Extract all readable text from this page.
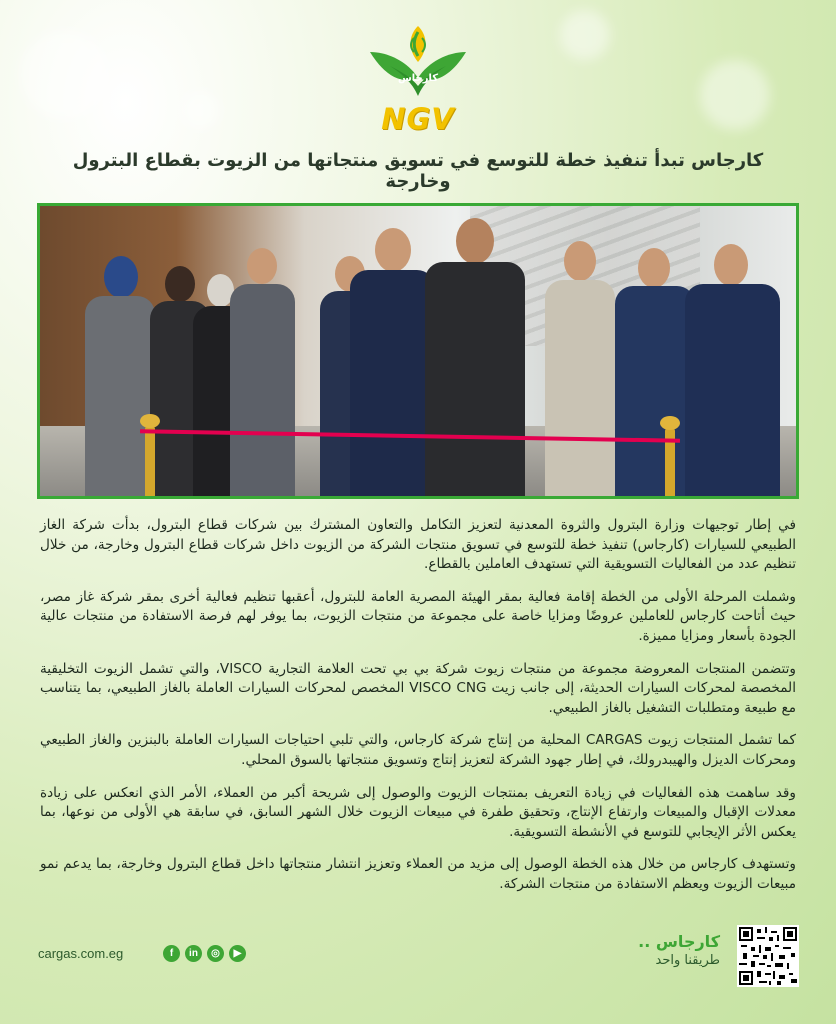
كارجاس
NGV
كارجاس تبدأ تنفيذ خطة للتوسع في تسويق منتجاتها من الزيوت بقطاع البترول وخارجة

في إطار توجيهات وزارة البترول والثروة المعدنية لتعزيز التكامل والتعاون المشترك بين شركات قطاع البترول، بدأت شركة الغاز الطبيعي للسيارات (كارجاس) تنفيذ خطة للتوسع في تسويق منتجات الشركة من الزيوت داخل شركات قطاع البترول وخارجة، من خلال تنظيم عدد من الفعاليات التسويقية التي تستهدف العاملين بالقطاع.

وشملت المرحلة الأولى من الخطة إقامة فعالية بمقر الهيئة المصرية العامة للبترول، أعقبها تنظيم فعالية أخرى بمقر شركة غاز مصر، حيث أتاحت كارجاس للعاملين عروضًا ومزايا خاصة على مجموعة من منتجات الزيوت، بما يوفر لهم فرصة الاستفادة من منتجات عالية الجودة بأسعار ومزايا مميزة.

وتتضمن المنتجات المعروضة مجموعة من منتجات زيوت شركة بي بي تحت العلامة التجارية VISCO، والتي تشمل الزيوت التخليقية المخصصة لمحركات السيارات الحديثة، إلى جانب زيت VISCO CNG المخصص لمحركات السيارات العاملة بالغاز الطبيعي، بما يتناسب مع طبيعة ومتطلبات التشغيل بالغاز الطبيعي.

كما تشمل المنتجات زيوت CARGAS المحلية من إنتاج شركة كارجاس، والتي تلبي احتياجات السيارات العاملة بالبنزين والغاز الطبيعي ومحركات الديزل والهيبدرولك، في إطار جهود الشركة لتعزيز إنتاج وتسويق منتجاتها بالسوق المحلي.

وقد ساهمت هذه الفعاليات في زيادة التعريف بمنتجات الزيوت والوصول إلى شريحة أكبر من العملاء، الأمر الذي انعكس على زيادة معدلات الإقبال والمبيعات وارتفاع الإنتاج، وتحقيق طفرة في مبيعات الزيوت خلال الشهر السابق، في سابقة هي الأولى من نوعها، بما يعكس الأثر الإيجابي للتوسع في الأنشطة التسويقية.

وتستهدف كارجاس من خلال هذه الخطة الوصول إلى مزيد من العملاء وتعزيز انتشار منتجاتها داخل قطاع البترول وخارجة، بما يدعم نمو مبيعات الزيوت ويعظم الاستفادة من منتجات الشركة.

cargas.com.eg	f	in	◎	▶
كارجاس ..
طريقنا واحد
